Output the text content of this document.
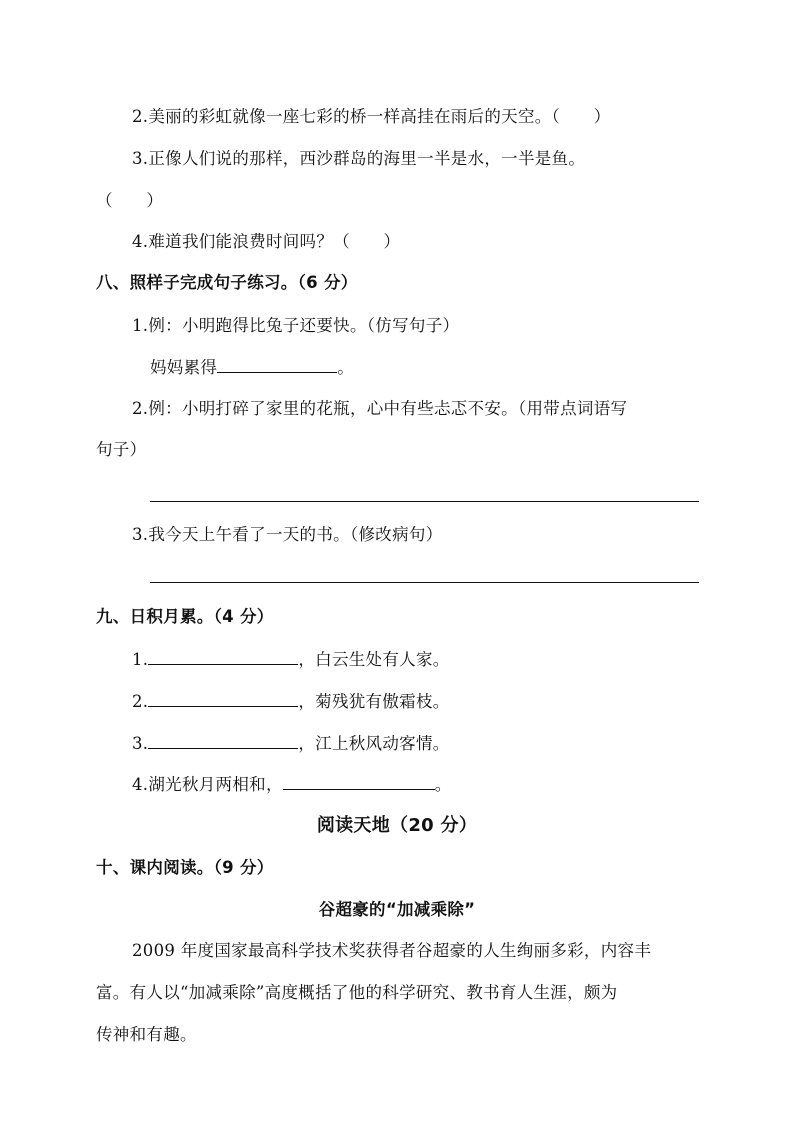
2.美丽的彩虹就像一座七彩的桥一样高挂在雨后的天空。（　　）
3.正像人们说的那样，西沙群岛的海里一半是水，一半是鱼。
（　　）
4.难道我们能浪费时间吗？（　　）
八、照样子完成句子练习。（6 分）
1.例：小明跑得比兔子还要快。（仿写句子）
妈妈累得	。
2.例：小明打碎了家里的花瓶，心中有些忐忑不安。（用带点词语写
句子）
3.我今天上午看了一天的书。（修改病句）
九、日积月累。（4 分）
1.	，白云生处有人家。
2.	，菊残犹有傲霜枝。
3.	，江上秋风动客情。
4.湖光秋月两相和，	。
阅读天地（20 分）
十、课内阅读。（9 分）
谷超豪的“加减乘除”
2009 年度国家最高科学技术奖获得者谷超豪的人生绚丽多彩，内容丰
富。有人以“加减乘除”高度概括了他的科学研究、教书育人生涯，颇为
传神和有趣。
